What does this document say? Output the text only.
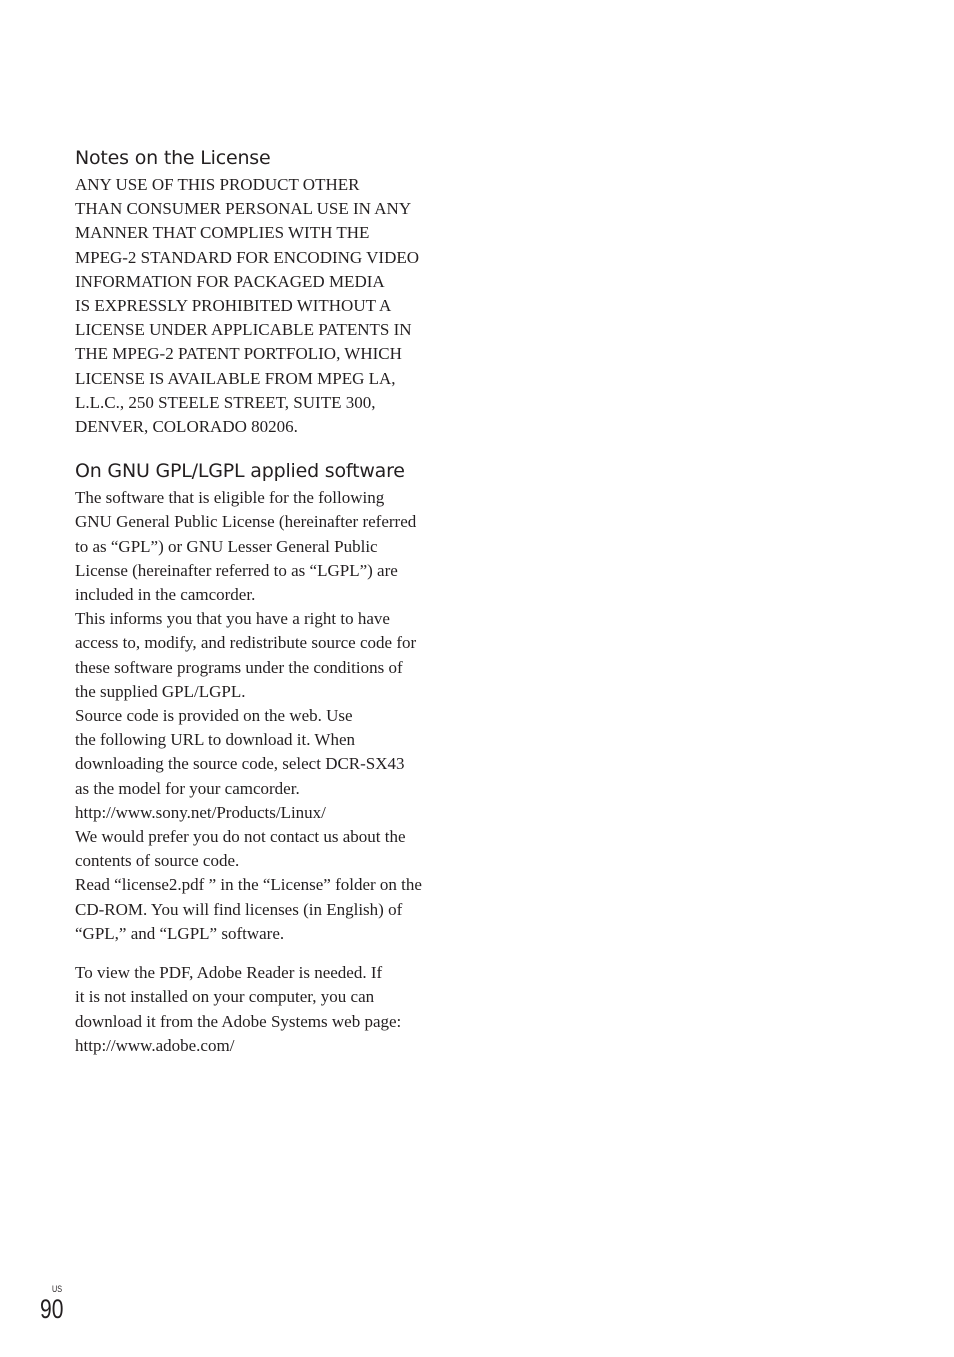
Notes on the License

ANY USE OF THIS PRODUCT OTHER
THAN CONSUMER PERSONAL USE IN ANY
MANNER THAT COMPLIES WITH THE
MPEG-2 STANDARD FOR ENCODING VIDEO
INFORMATION FOR PACKAGED MEDIA
IS EXPRESSLY PROHIBITED WITHOUT A
LICENSE UNDER APPLICABLE PATENTS IN
THE MPEG-2 PATENT PORTFOLIO, WHICH
LICENSE IS AVAILABLE FROM MPEG LA,
L.L.C., 250 STEELE STREET, SUITE 300,
DENVER, COLORADO 80206.

On GNU GPL/LGPL applied software

The software that is eligible for the following
GNU General Public License (hereinafter referred
to as “GPL”) or GNU Lesser General Public
License (hereinafter referred to as “LGPL”) are
included in the camcorder.
This informs you that you have a right to have
access to, modify, and redistribute source code for
these software programs under the conditions of
the supplied GPL/LGPL.
Source code is provided on the web. Use
the following URL to download it. When
downloading the source code, select DCR-SX43
as the model for your camcorder.
http://www.sony.net/Products/Linux/
We would prefer you do not contact us about the
contents of source code.
Read “license2.pdf ” in the “License” folder on the
CD-ROM. You will find licenses (in English) of
“GPL,” and “LGPL” software.

To view the PDF, Adobe Reader is needed. If
it is not installed on your computer, you can
download it from the Adobe Systems web page:
http://www.adobe.com/

US
90
